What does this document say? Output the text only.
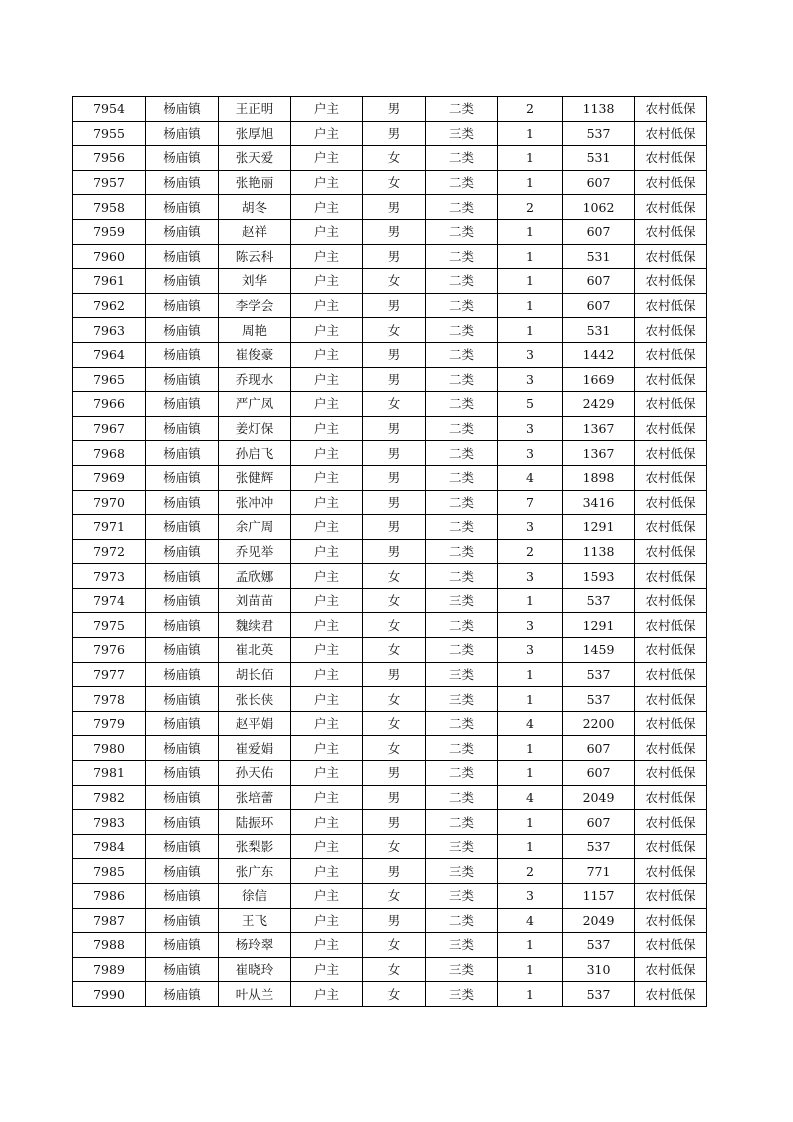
7954	杨庙镇	王正明	户主	男	二类	2	1138	农村低保
7955	杨庙镇	张厚旭	户主	男	三类	1	537	农村低保
7956	杨庙镇	张天爱	户主	女	二类	1	531	农村低保
7957	杨庙镇	张艳丽	户主	女	二类	1	607	农村低保
7958	杨庙镇	胡冬	户主	男	二类	2	1062	农村低保
7959	杨庙镇	赵祥	户主	男	二类	1	607	农村低保
7960	杨庙镇	陈云科	户主	男	二类	1	531	农村低保
7961	杨庙镇	刘华	户主	女	二类	1	607	农村低保
7962	杨庙镇	李学会	户主	男	二类	1	607	农村低保
7963	杨庙镇	周艳	户主	女	二类	1	531	农村低保
7964	杨庙镇	崔俊豪	户主	男	二类	3	1442	农村低保
7965	杨庙镇	乔现水	户主	男	二类	3	1669	农村低保
7966	杨庙镇	严广凤	户主	女	二类	5	2429	农村低保
7967	杨庙镇	姜灯保	户主	男	二类	3	1367	农村低保
7968	杨庙镇	孙启飞	户主	男	二类	3	1367	农村低保
7969	杨庙镇	张健辉	户主	男	二类	4	1898	农村低保
7970	杨庙镇	张冲冲	户主	男	二类	7	3416	农村低保
7971	杨庙镇	余广周	户主	男	二类	3	1291	农村低保
7972	杨庙镇	乔见举	户主	男	二类	2	1138	农村低保
7973	杨庙镇	孟欣娜	户主	女	二类	3	1593	农村低保
7974	杨庙镇	刘苗苗	户主	女	三类	1	537	农村低保
7975	杨庙镇	魏续君	户主	女	二类	3	1291	农村低保
7976	杨庙镇	崔北英	户主	女	二类	3	1459	农村低保
7977	杨庙镇	胡长佰	户主	男	三类	1	537	农村低保
7978	杨庙镇	张长侠	户主	女	三类	1	537	农村低保
7979	杨庙镇	赵平娟	户主	女	二类	4	2200	农村低保
7980	杨庙镇	崔爱娟	户主	女	二类	1	607	农村低保
7981	杨庙镇	孙天佑	户主	男	二类	1	607	农村低保
7982	杨庙镇	张培蕾	户主	男	二类	4	2049	农村低保
7983	杨庙镇	陆振环	户主	男	二类	1	607	农村低保
7984	杨庙镇	张梨影	户主	女	三类	1	537	农村低保
7985	杨庙镇	张广东	户主	男	三类	2	771	农村低保
7986	杨庙镇	徐信	户主	女	三类	3	1157	农村低保
7987	杨庙镇	王飞	户主	男	二类	4	2049	农村低保
7988	杨庙镇	杨玲翠	户主	女	三类	1	537	农村低保
7989	杨庙镇	崔晓玲	户主	女	三类	1	310	农村低保
7990	杨庙镇	叶从兰	户主	女	三类	1	537	农村低保
